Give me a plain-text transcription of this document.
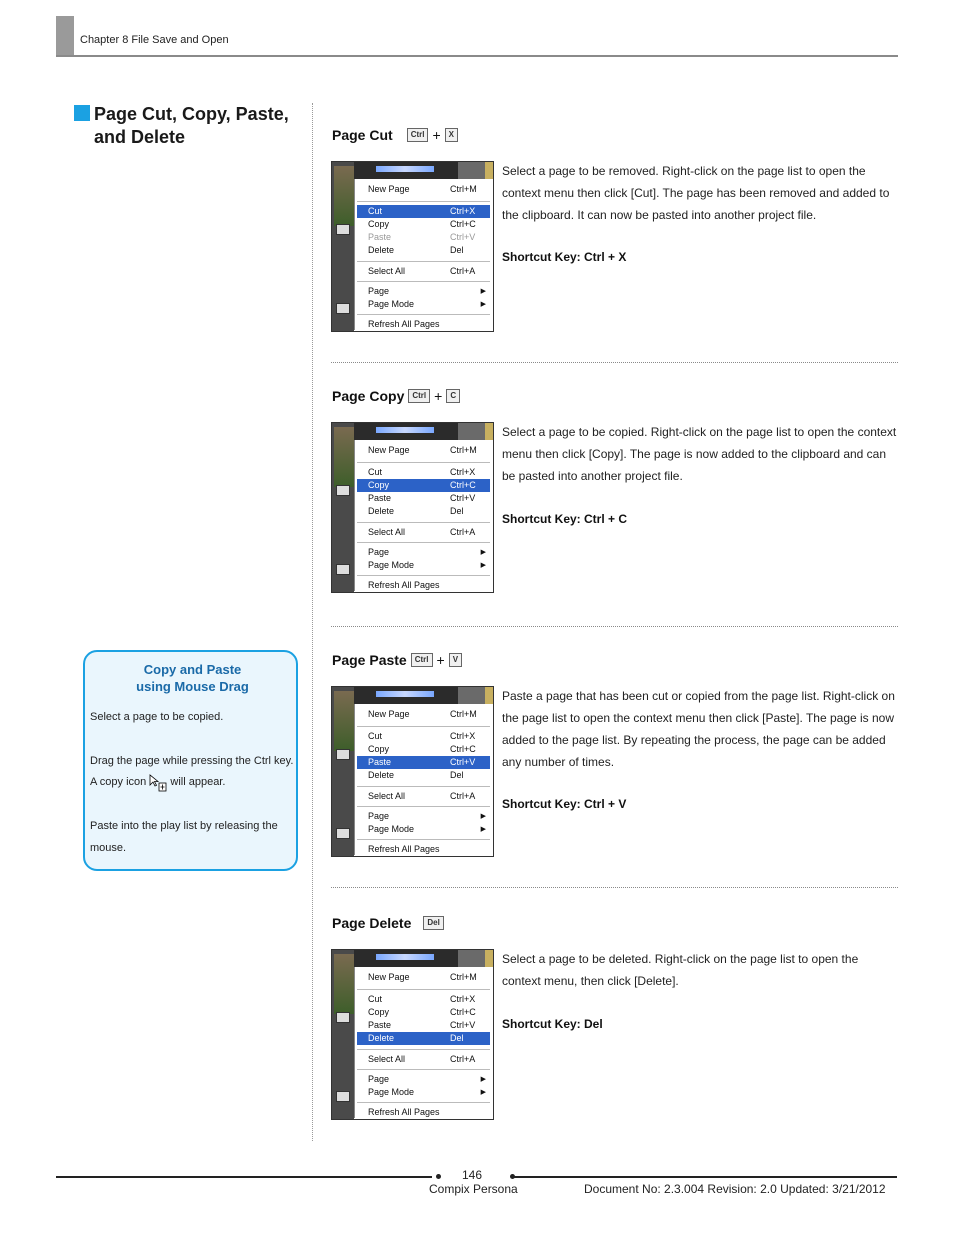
Chapter 8 File Save and Open
Page Cut, Copy, Paste, and Delete
Copy and Paste
using Mouse Drag
Select a page to be copied.
Drag the page while pressing the Ctrl key.
A copy icon will appear.
Paste into the play list by releasing the
mouse.
Page Cut	Ctrl +	X
Select a page to be removed. Right-click on the page list to open the context menu then click [Cut]. The page has been removed and added to the clipboard. It can now be pasted into another project file.
Shortcut Key: Ctrl + X
Page Copy	Ctrl +	C
Select a page to be copied. Right-click on the page list to open the context menu then click [Copy]. The page is now added to the clipboard and can be pasted into another project file.
Shortcut Key: Ctrl + C
Page Paste	Ctrl +	V
Paste a page that has been cut or copied from the page list. Right-click on the page list to open the context menu then click [Paste]. The page is now added to the page list. By repeating the process, the page can be added any number of times.
Shortcut Key: Ctrl + V
Page Delete	Del
Select a page to be deleted. Right-click on the page list to open the context menu, then click [Delete].
Shortcut Key: Del
New Page	Ctrl+M
Cut	Ctrl+X
Copy	Ctrl+C
Paste	Ctrl+V
Delete	Del
Select All	Ctrl+A
Page	▶
Page Mode	▶
Refresh All Pages
New Page	Ctrl+M
Cut	Ctrl+X
Copy	Ctrl+C
Paste	Ctrl+V
Delete	Del
Select All	Ctrl+A
Page	▶
Page Mode	▶
Refresh All Pages
New Page	Ctrl+M
Cut	Ctrl+X
Copy	Ctrl+C
Paste	Ctrl+V
Delete	Del
Select All	Ctrl+A
Page	▶
Page Mode	▶
Refresh All Pages
New Page	Ctrl+M
Cut	Ctrl+X
Copy	Ctrl+C
Paste	Ctrl+V
Delete	Del
Select All	Ctrl+A
Page	▶
Page Mode	▶
Refresh All Pages
146
Compix Persona	Document No: 2.3.004 Revision: 2.0 Updated: 3/21/2012
